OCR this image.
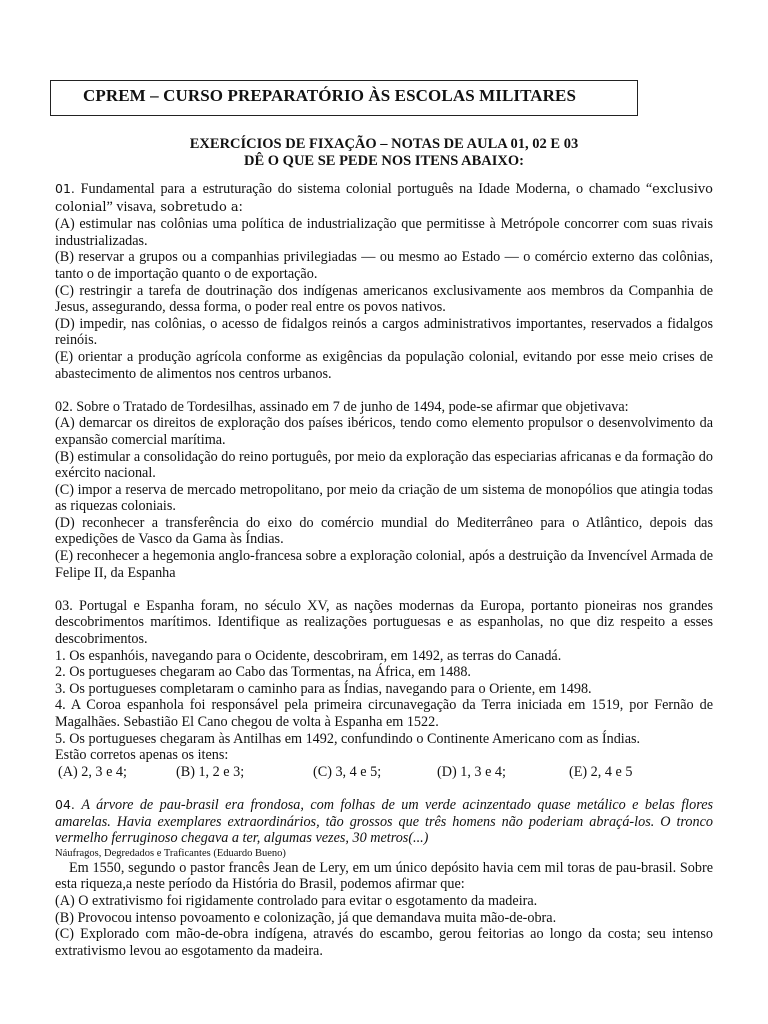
CPREM – CURSO PREPARATÓRIO ÀS ESCOLAS MILITARES
EXERCÍCIOS DE FIXAÇÃO – NOTAS DE AULA 01, 02 E 03
DÊ O QUE SE PEDE NOS ITENS ABAIXO:

01. Fundamental para a estruturação do sistema colonial português na Idade Moderna, o chamado “exclusivo colonial” visava, sobretudo a:

(A) estimular nas colônias uma política de industrialização que permitisse à Metrópole concorrer com suas rivais industrializadas.

(B) reservar a grupos ou a companhias privilegiadas — ou mesmo ao Estado — o comércio externo das colônias, tanto o de importação quanto o de exportação.

(C) restringir a tarefa de doutrinação dos indígenas americanos exclusivamente aos membros da Companhia de Jesus, assegurando, dessa forma, o poder real entre os povos nativos.

(D) impedir, nas colônias, o acesso de fidalgos reinós a cargos administrativos importantes, reservados a fidalgos reinóis.

(E) orientar a produção agrícola conforme as exigências da população colonial, evitando por esse meio crises de abastecimento de alimentos nos centros urbanos.

02. Sobre o Tratado de Tordesilhas, assinado em 7 de junho de 1494, pode-se afirmar que objetivava:

(A) demarcar os direitos de exploração dos países ibéricos, tendo como elemento propulsor o desenvolvimento da expansão comercial marítima.

(B) estimular a consolidação do reino português, por meio da exploração das especiarias africanas e da formação do exército nacional.

(C) impor a reserva de mercado metropolitano, por meio da criação de um sistema de monopólios que atingia todas as riquezas coloniais.

(D) reconhecer a transferência do eixo do comércio mundial do Mediterrâneo para o Atlântico, depois das expedições de Vasco da Gama às Índias.

(E) reconhecer a hegemonia anglo-francesa sobre a exploração colonial, após a destruição da Invencível Armada de Felipe II, da Espanha

03. Portugal e Espanha foram, no século XV, as nações modernas da Europa, portanto pioneiras nos grandes descobrimentos marítimos. Identifique as realizações portuguesas e as espanholas, no que diz respeito a esses descobrimentos.

1. Os espanhóis, navegando para o Ocidente, descobriram, em 1492, as terras do Canadá.

2. Os portugueses chegaram ao Cabo das Tormentas, na África, em 1488.

3. Os portugueses completaram o caminho para as Índias, navegando para o Oriente, em 1498.

4. A Coroa espanhola foi responsável pela primeira circunavegação da Terra iniciada em 1519, por Fernão de Magalhães. Sebastião El Cano chegou de volta à Espanha em 1522.

5. Os portugueses chegaram às Antilhas em 1492, confundindo o Continente Americano com as Índias.

Estão corretos apenas os itens:

(A) 2, 3 e 4;	(B) 1, 2 e 3;	(C) 3, 4 e 5;	(D) 1, 3 e 4;	(E) 2, 4 e 5

04. A árvore de pau-brasil era frondosa, com folhas de um verde acinzentado quase metálico e belas flores amarelas. Havia exemplares extraordinários, tão grossos que três homens não poderiam abraçá-los. O tronco vermelho ferruginoso chegava a ter, algumas vezes, 30 metros(...)

Náufragos, Degredados e Traficantes (Eduardo Bueno)

Em 1550, segundo o pastor francês Jean de Lery, em um único depósito havia cem mil toras de pau-brasil. Sobre esta riqueza,a neste período da História do Brasil, podemos afirmar que:

(A) O extrativismo foi rigidamente controlado para evitar o esgotamento da madeira.

(B) Provocou intenso povoamento e colonização, já que demandava muita mão-de-obra.

(C) Explorado com mão-de-obra indígena, através do escambo, gerou feitorias ao longo da costa; seu intenso extrativismo levou ao esgotamento da madeira.
